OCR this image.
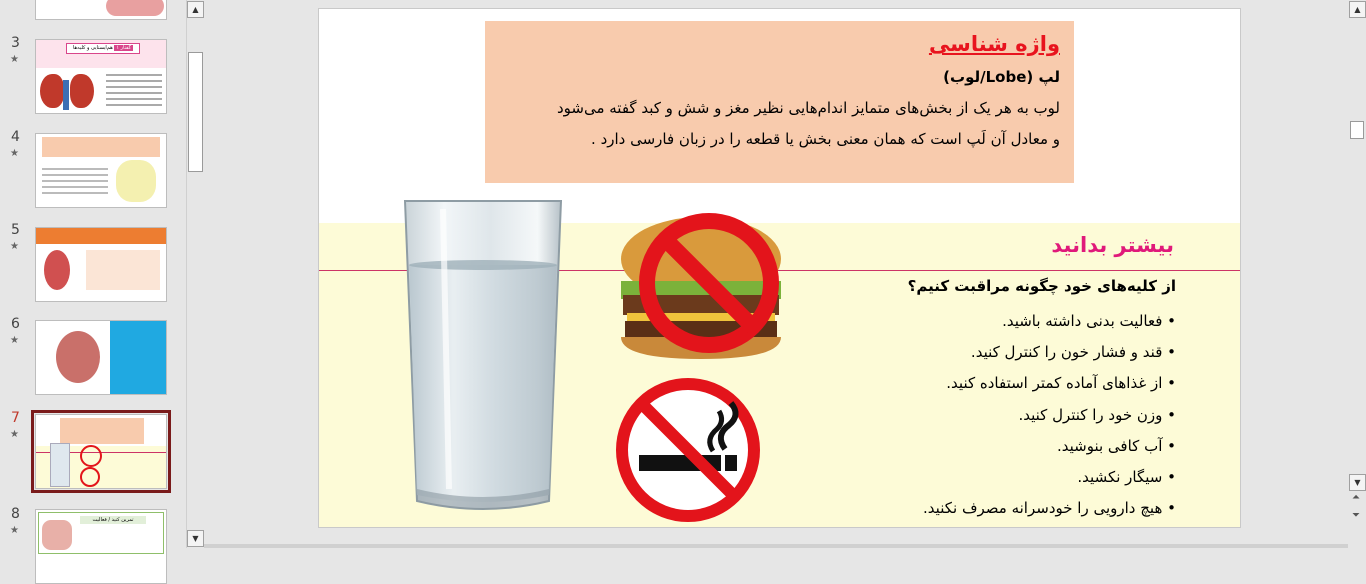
3
★
گفتار ۱ هم‌ایستایی و کلیه‌ها
4
★
5
★
6
★
7
★
8
★
تمرین کنید / فعالیت
▲
▼
واژه شناسی
لپ (Lobe/لوب)
لوب به هر یک از بخش‌های متمایز اندام‌هایی نظیر مغز و شش و کبد گفته می‌شود
و معادل آن لَپ است که همان معنی بخش یا قطعه را در زبان فارسی دارد .
بیشتر بدانید
از کلیه‌های خود چگونه مراقبت کنیم؟
• فعالیت بدنی داشته باشید.
• قند و فشار خون را کنترل کنید.
• از غذاهای آماده کمتر استفاده کنید.
• وزن خود را کنترل کنید.
• آب کافی بنوشید.
• سیگار نکشید.
• هیچ دارویی را خودسرانه مصرف نکنید.
▲
▼
⏶
⏷
